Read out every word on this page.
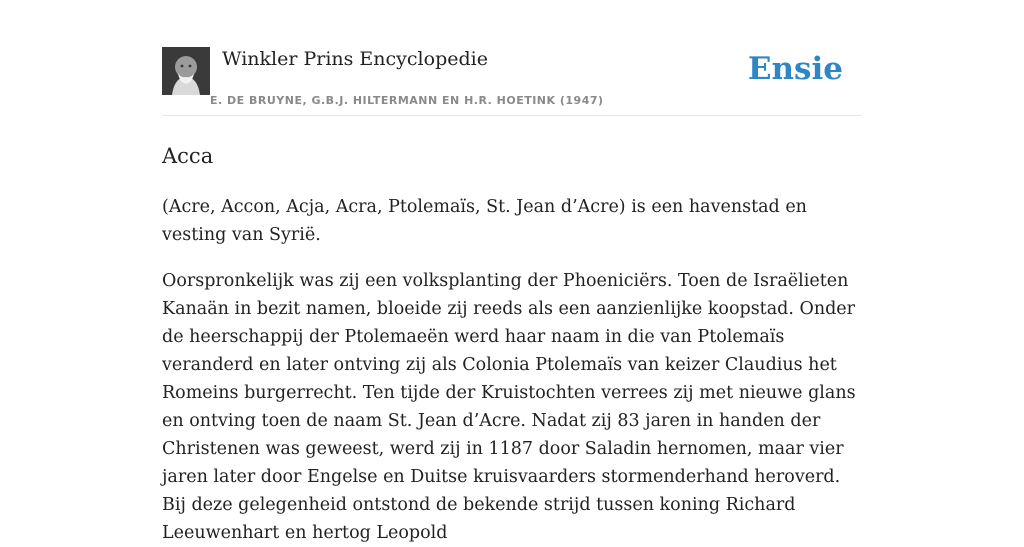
Winkler Prins Encyclopedie
E. DE BRUYNE, G.B.J. HILTERMANN EN H.R. HOETINK (1947)
Ensie
Acca

(Acre, Accon, Acja, Acra, Ptolemaïs, St. Jean d’Acre) is een havenstad en vesting van Syrië.

Oorspronkelijk was zij een volksplanting der Phoeniciërs. Toen de Israëlieten Kanaän in bezit namen, bloeide zij reeds als een aanzienlijke koopstad. Onder de heerschappij der Ptolemaeën werd haar naam in die van Ptolemaïs veranderd en later ontving zij als Colonia Ptolemaïs van keizer Claudius het Romeins burgerrecht. Ten tijde der Kruistochten verrees zij met nieuwe glans en ontving toen de naam St. Jean d’Acre. Nadat zij 83 jaren in handen der Christenen was geweest, werd zij in 1187 door Saladin hernomen, maar vier jaren later door Engelse en Duitse kruisvaarders stormenderhand heroverd. Bij deze gelegenheid ontstond de bekende strijd tussen koning Richard Leeuwenhart en hertog Leopold
